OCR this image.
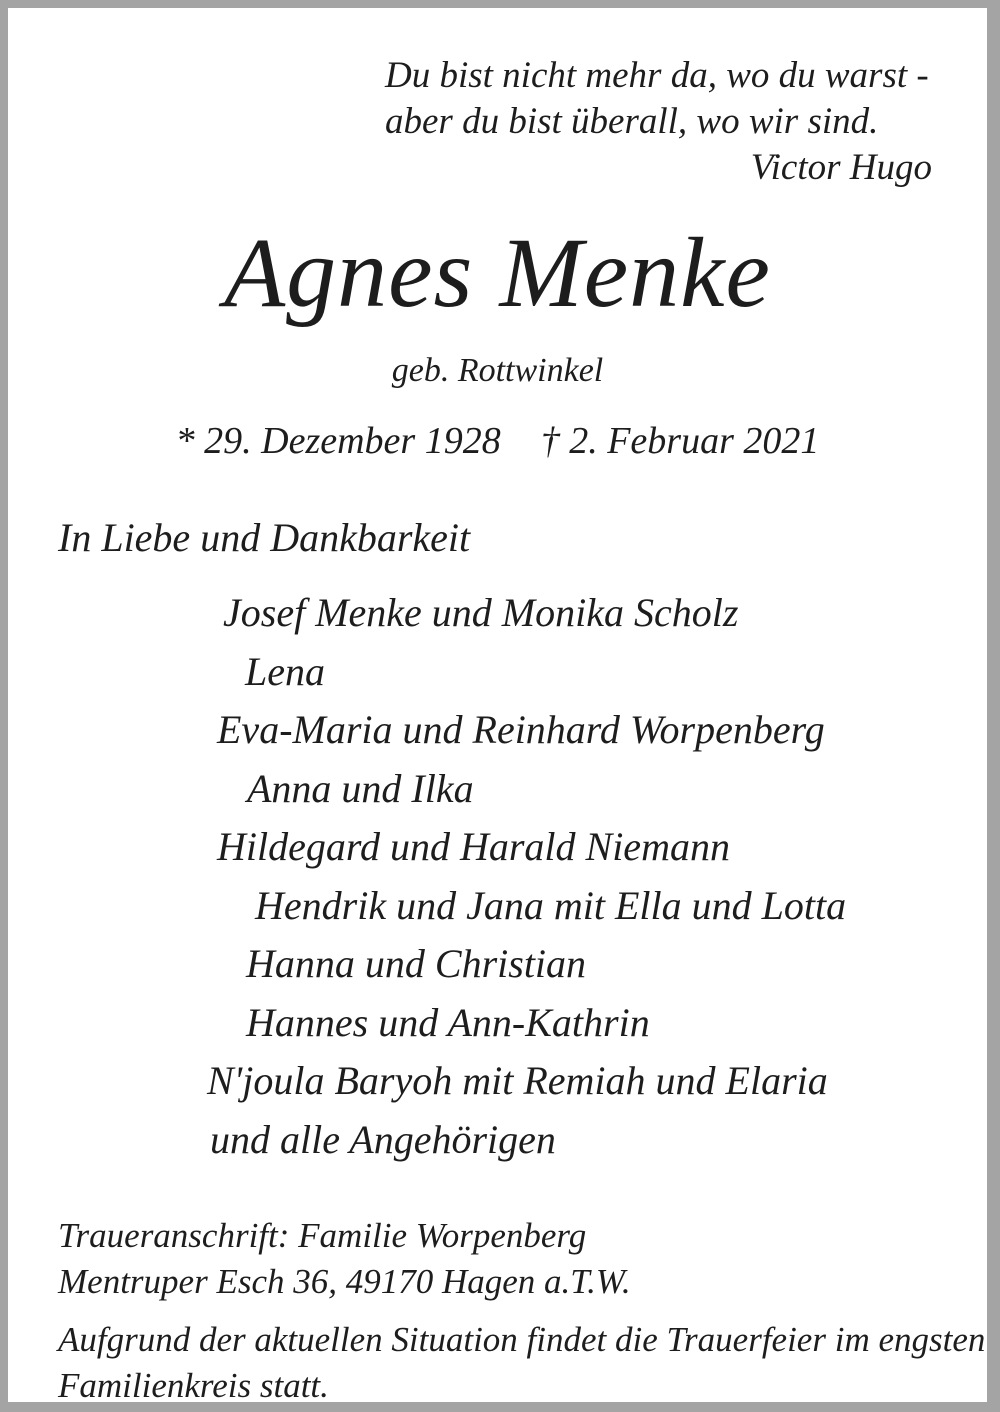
Du bist nicht mehr da, wo du warst -
aber du bist überall, wo wir sind.
Victor Hugo
Agnes Menke
geb. Rottwinkel
* 29. Dezember 1928 † 2. Februar 2021
In Liebe und Dankbarkeit
Josef Menke und Monika Scholz
Lena
Eva-Maria und Reinhard Worpenberg
Anna und Ilka
Hildegard und Harald Niemann
Hendrik und Jana mit Ella und Lotta
Hanna und Christian
Hannes und Ann-Kathrin
N'joula Baryoh mit Remiah und Elaria
und alle Angehörigen
Traueranschrift: Familie Worpenberg
Mentruper Esch 36, 49170 Hagen a.T.W.
Aufgrund der aktuellen Situation findet die Trauerfeier im engsten
Familienkreis statt.
